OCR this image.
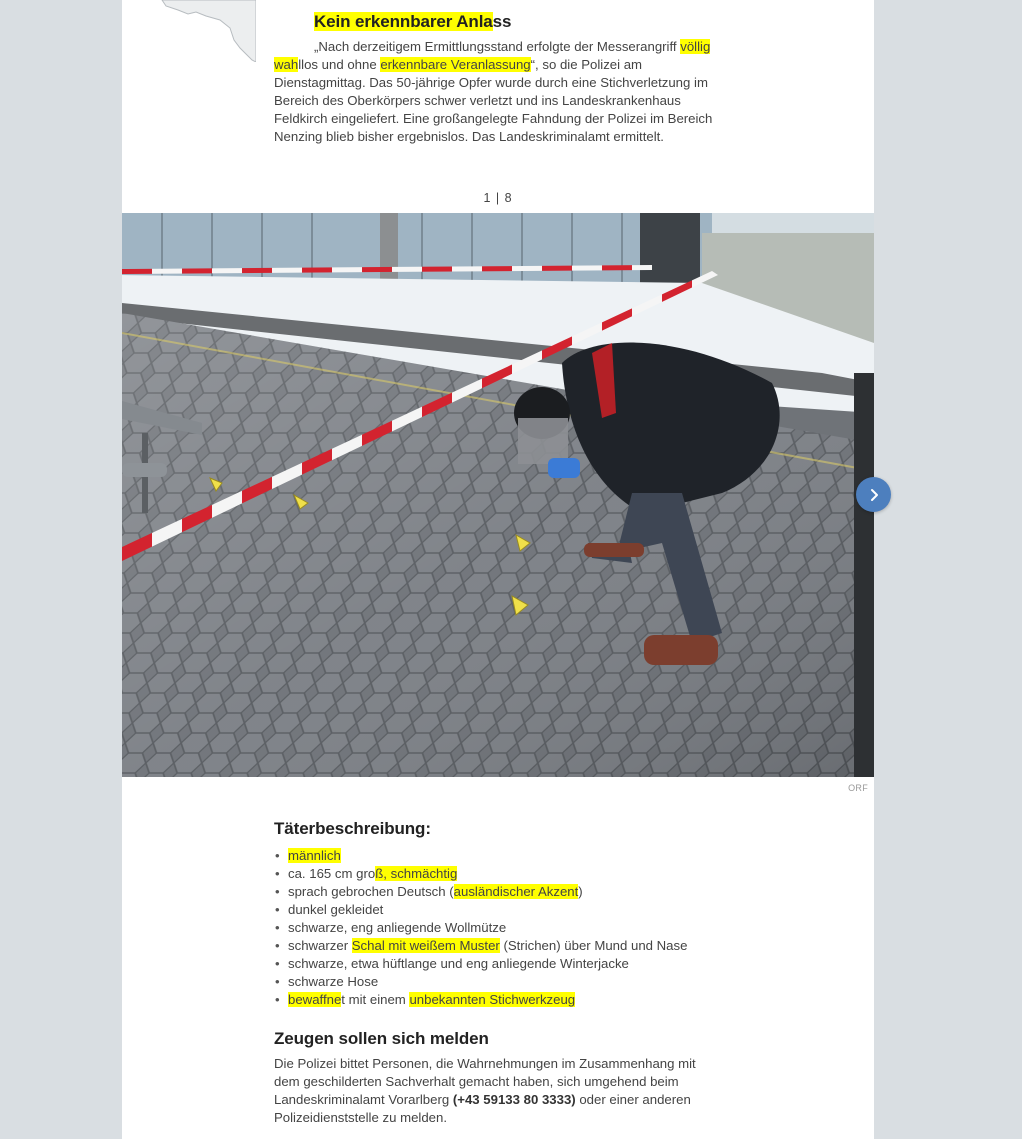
Kein erkennbarer Anlass

„Nach derzeitigem Ermittlungsstand erfolgte der Messerangriff völlig wahllos und ohne erkennbare Veranlassung“, so die Polizei am Dienstagmittag. Das 50-jährige Opfer wurde durch eine Stichverletzung im Bereich des Oberkörpers schwer verletzt und ins Landeskrankenhaus Feldkirch eingeliefert. Eine großangelegte Fahndung der Polizei im Bereich Nenzing blieb bisher ergebnislos. Das Landeskriminalamt ermittelt.

1 | 8
ORF
Täterbeschreibung:
• männlich
• ca. 165 cm groß, schmächtig
• sprach gebrochen Deutsch (ausländischer Akzent)
• dunkel gekleidet
• schwarze, eng anliegende Wollmütze
• schwarzer Schal mit weißem Muster (Strichen) über Mund und Nase
• schwarze, etwa hüftlange und eng anliegende Winterjacke
• schwarze Hose
• bewaffnet mit einem unbekannten Stichwerkzeug
Zeugen sollen sich melden

Die Polizei bittet Personen, die Wahrnehmungen im Zusammenhang mit dem geschilderten Sachverhalt gemacht haben, sich umgehend beim Landeskriminalamt Vorarlberg (+43 59133 80 3333) oder einer anderen Polizeidienststelle zu melden.
